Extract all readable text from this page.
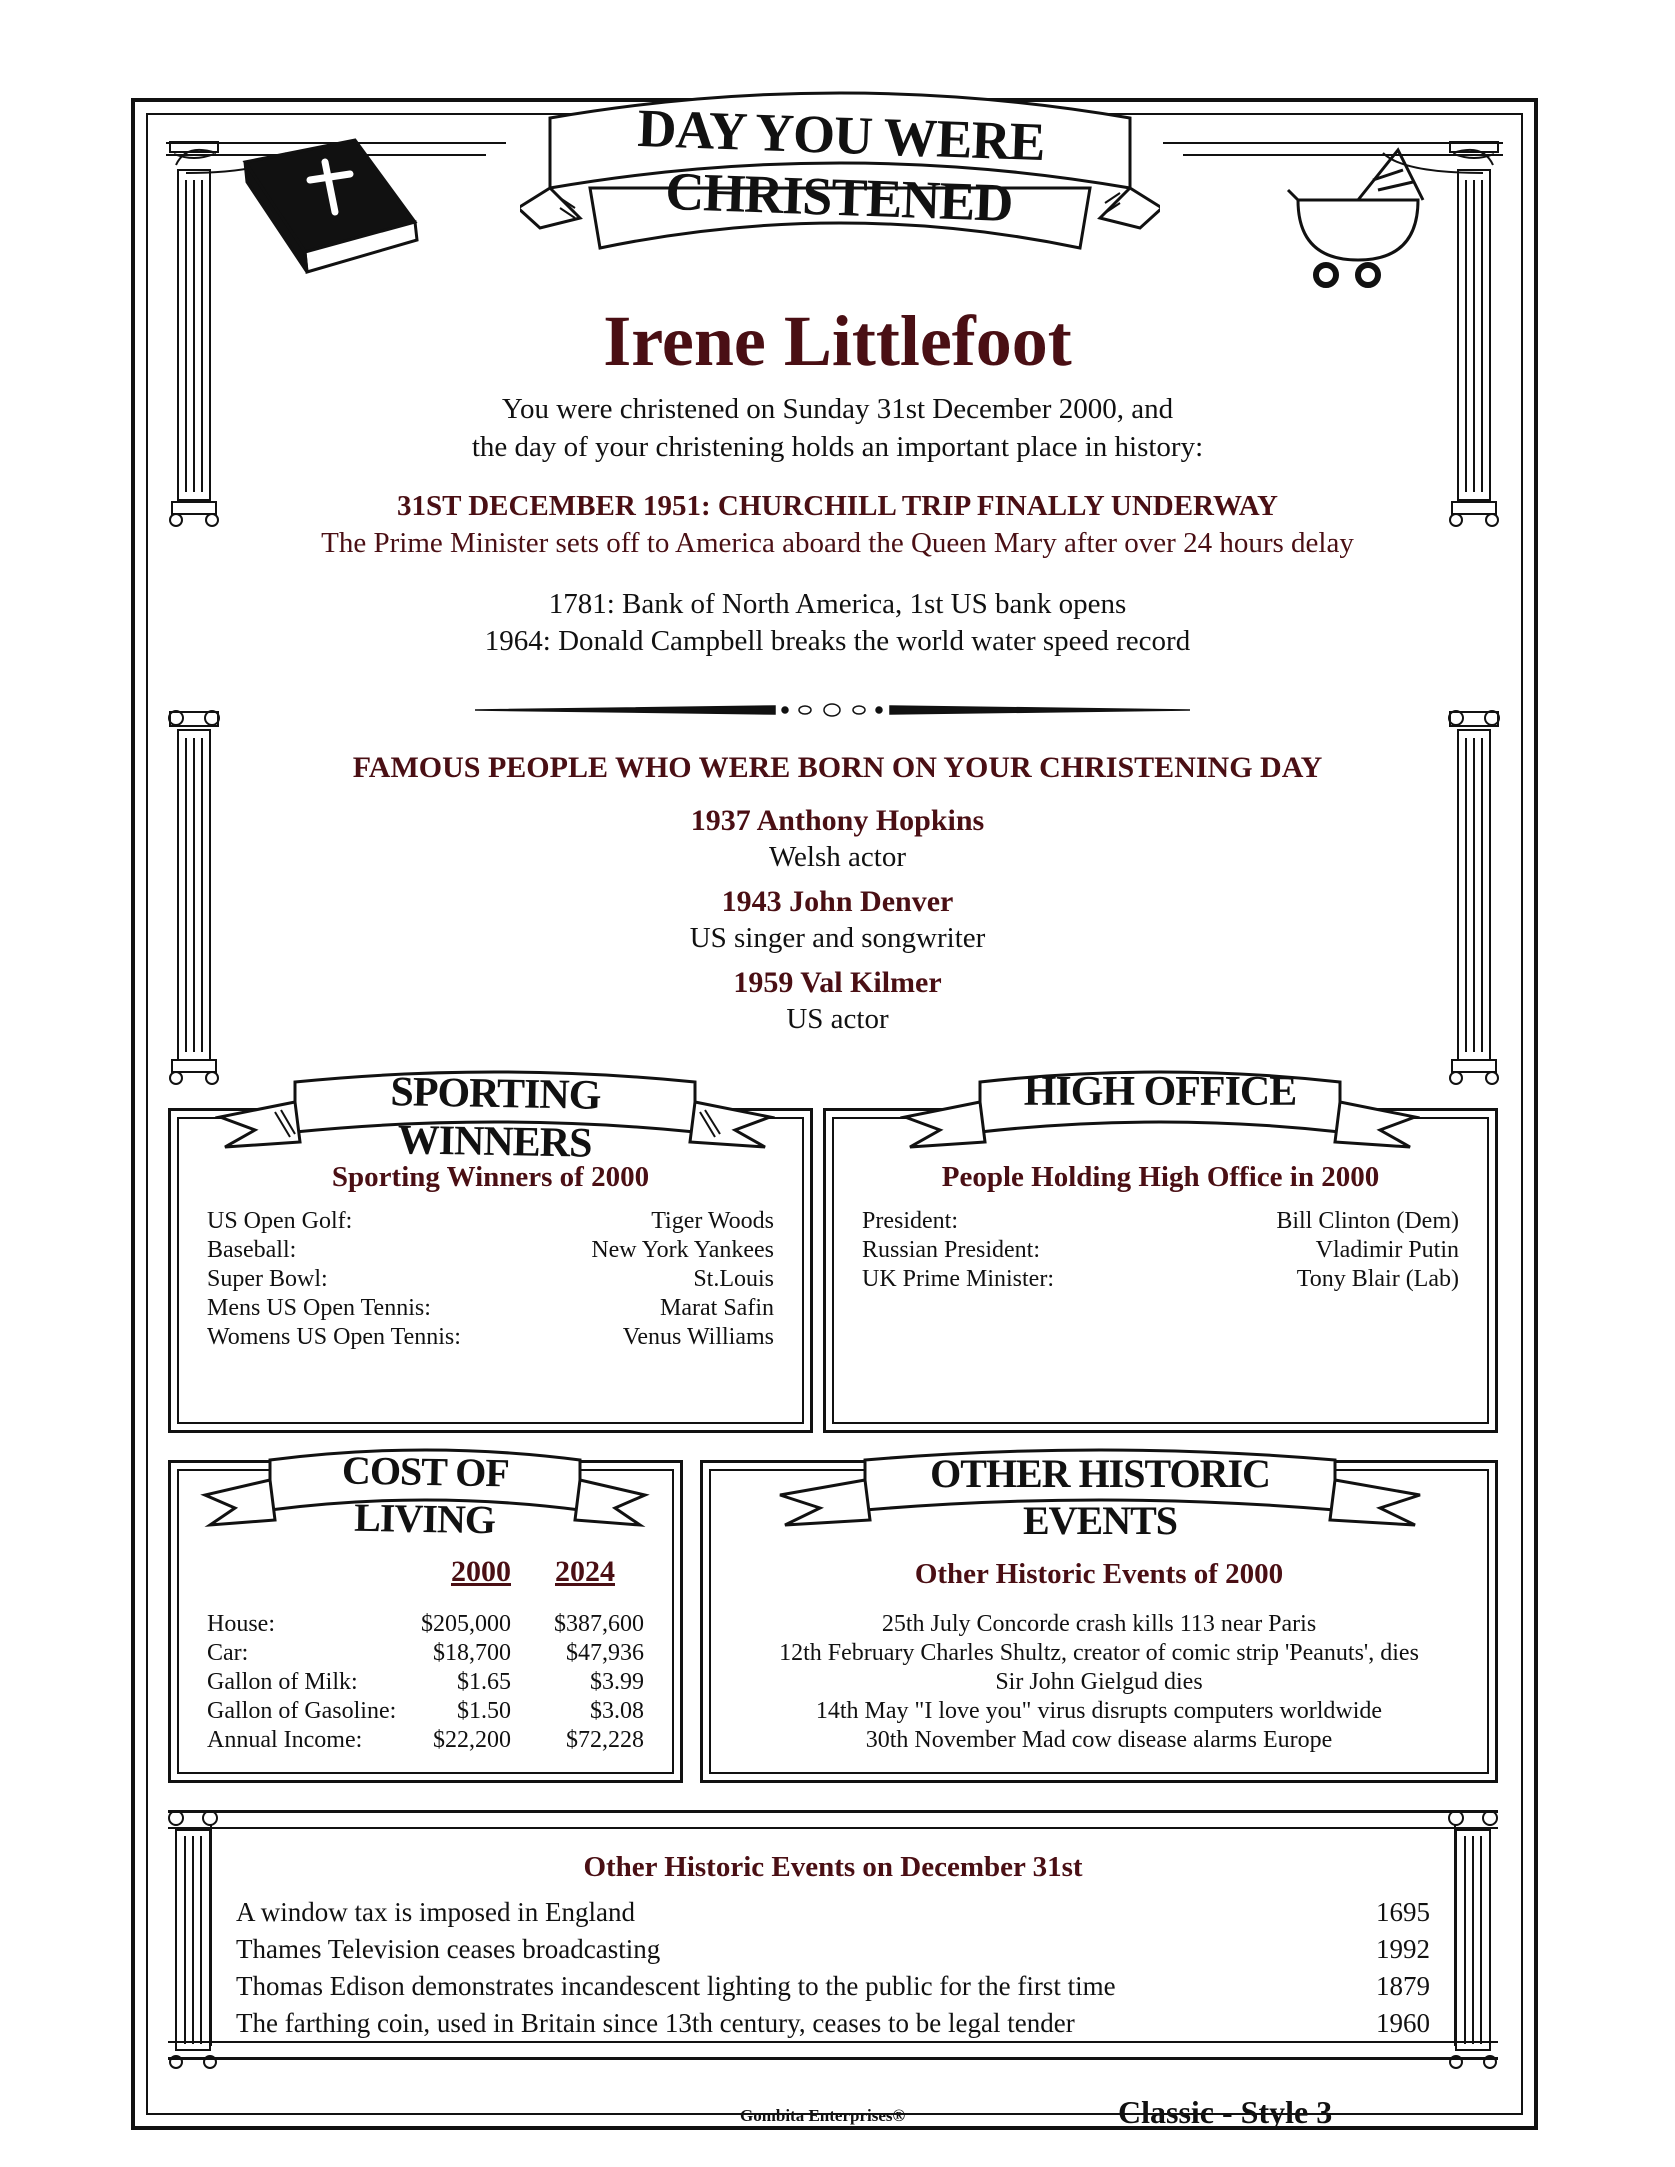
DAY YOU WERE CHRISTENED
Irene Littlefoot
You were christened on Sunday 31st December 2000, and
the day of your christening holds an important place in history:
31ST DECEMBER 1951: CHURCHILL TRIP FINALLY UNDERWAY
The Prime Minister sets off to America aboard the Queen Mary after over 24 hours delay
1781: Bank of North America, 1st US bank opens
1964: Donald Campbell breaks the world water speed record
FAMOUS PEOPLE WHO WERE BORN ON YOUR CHRISTENING DAY
1937 Anthony Hopkins
Welsh actor
1943 John Denver
US singer and songwriter
1959 Val Kilmer
US actor
Sporting Winners of 2000
US Open Golf:	Tiger Woods
Baseball:	New York Yankees
Super Bowl:	St.Louis
Mens US Open Tennis:	Marat Safin
Womens US Open Tennis:	Venus Williams
SPORTING WINNERS
People Holding High Office in 2000
President:	Bill Clinton (Dem)
Russian President:	Vladimir Putin
UK Prime Minister:	Tony Blair (Lab)
HIGH OFFICE
2000	2024
House:	$205,000 $387,600
Car:	$18,700 $47,936
Gallon of Milk:	$1.65	$3.99
Gallon of Gasoline:	$1.50	$3.08
Annual Income:	$22,200 $72,228
COST OF LIVING
Other Historic Events of 2000
25th July Concorde crash kills 113 near Paris
12th February Charles Shultz, creator of comic strip 'Peanuts', dies
Sir John Gielgud dies
14th May "I love you" virus disrupts computers worldwide
30th November Mad cow disease alarms Europe
OTHER HISTORIC EVENTS
Other Historic Events on December 31st
A window tax is imposed in England	1695
Thames Television ceases broadcasting	1992
Thomas Edison demonstrates incandescent lighting to the public for the first time	1879
The farthing coin, used in Britain since 13th century, ceases to be legal tender	1960
Gombita Enterprises®	Classic - Style 3
